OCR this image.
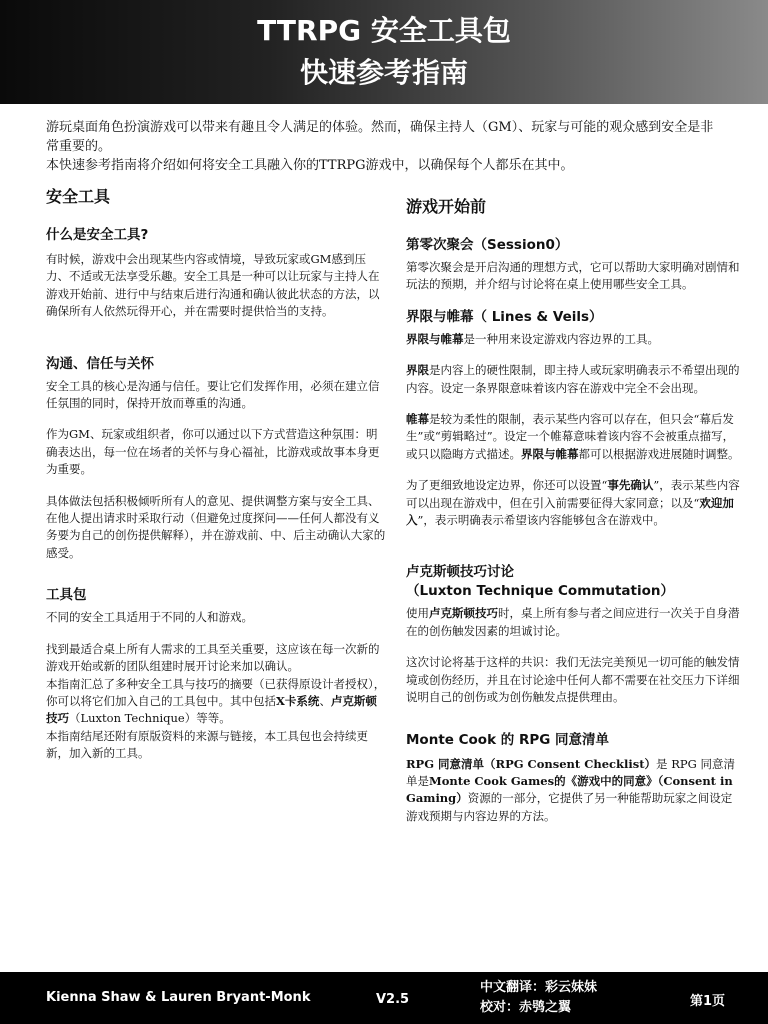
TTRPG 安全工具包
快速参考指南

游玩桌面角色扮演游戏可以带来有趣且令人满足的体验。然而，确保主持人（GM）、玩家与可能的观众感到安全是非常重要的。

本快速参考指南将介绍如何将安全工具融入你的TTRPG游戏中，以确保每个人都乐在其中。

安全工具
什么是安全工具?

有时候，游戏中会出现某些内容或情境，导致玩家或GM感到压力、不适或无法享受乐趣。安全工具是一种可以让玩家与主持人在游戏开始前、进行中与结束后进行沟通和确认彼此状态的方法，以确保所有人依然玩得开心，并在需要时提供恰当的支持。

沟通、信任与关怀

安全工具的核心是沟通与信任。要让它们发挥作用，必须在建立信任氛围的同时，保持开放而尊重的沟通。

作为GM、玩家或组织者，你可以通过以下方式营造这种氛围：明确表达出，每一位在场者的关怀与身心福祉，比游戏或故事本身更为重要。

具体做法包括积极倾听所有人的意见、提供调整方案与安全工具、在他人提出请求时采取行动（但避免过度探问——任何人都没有义务要为自己的创伤提供解释），并在游戏前、中、后主动确认大家的感受。

工具包

不同的安全工具适用于不同的人和游戏。

找到最适合桌上所有人需求的工具至关重要，这应该在每一次新的游戏开始或新的团队组建时展开讨论来加以确认。

本指南汇总了多种安全工具与技巧的摘要（已获得原设计者授权），你可以将它们加入自己的工具包中。其中包括X卡系统、卢克斯顿技巧（Luxton Technique）等等。

本指南结尾还附有原版资料的来源与链接，本工具包也会持续更新，加入新的工具。

游戏开始前
第零次聚会（Session0）

第零次聚会是开启沟通的理想方式，它可以帮助大家明确对剧情和玩法的预期，并介绍与讨论将在桌上使用哪些安全工具。

界限与帷幕（ Lines & Veils）

界限与帷幕是一种用来设定游戏内容边界的工具。

界限是内容上的硬性限制，即主持人或玩家明确表示不希望出现的内容。设定一条界限意味着该内容在游戏中完全不会出现。

帷幕是较为柔性的限制，表示某些内容可以存在，但只会“幕后发生”或“剪辑略过”。设定一个帷幕意味着该内容不会被重点描写，或只以隐晦方式描述。界限与帷幕都可以根据游戏进展随时调整。

为了更细致地设定边界，你还可以设置“事先确认”，表示某些内容可以出现在游戏中，但在引入前需要征得大家同意；以及“欢迎加入”，表示明确表示希望该内容能够包含在游戏中。

卢克斯顿技巧讨论
（Luxton Technique Commutation）

使用卢克斯顿技巧时，桌上所有参与者之间应进行一次关于自身潜在的创伤触发因素的坦诚讨论。

这次讨论将基于这样的共识：我们无法完美预见一切可能的触发情境或创伤经历，并且在讨论途中任何人都不需要在社交压力下详细说明自己的创伤或为创伤触发点提供理由。

Monte Cook 的 RPG 同意清单

RPG 同意清单（RPG Consent Checklist）是 RPG 同意清单是Monte Cook Games的《游戏中的同意》（Consent in Gaming）资源的一部分，它提供了另一种能帮助玩家之间设定游戏预期与内容边界的方法。

Kienna Shaw & Lauren Bryant-Monk	V2.5
中文翻译：彩云妹妹
校对：赤鸮之翼	第1页
